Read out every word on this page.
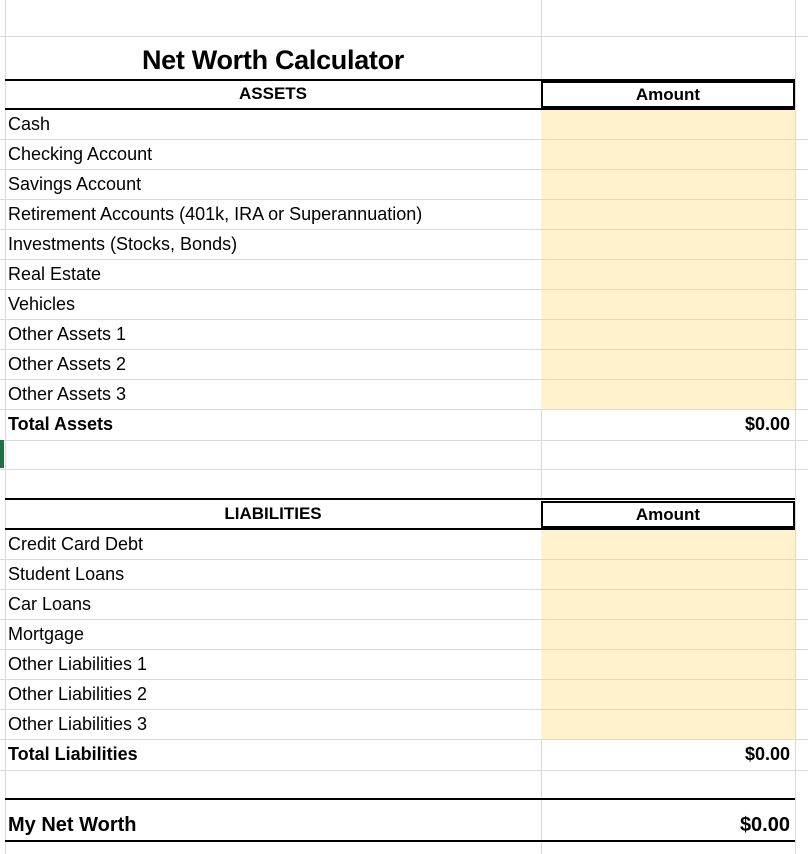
Net Worth Calculator
ASSETS	Amount
Cash
Checking Account
Savings Account
Retirement Accounts (401k, IRA or Superannuation)
Investments (Stocks, Bonds)
Real Estate
Vehicles
Other Assets 1
Other Assets 2
Other Assets 3
Total Assets	$0.00
LIABILITIES	Amount
Credit Card Debt
Student Loans
Car Loans
Mortgage
Other Liabilities 1
Other Liabilities 2
Other Liabilities 3
Total Liabilities	$0.00
My Net Worth	$0.00
